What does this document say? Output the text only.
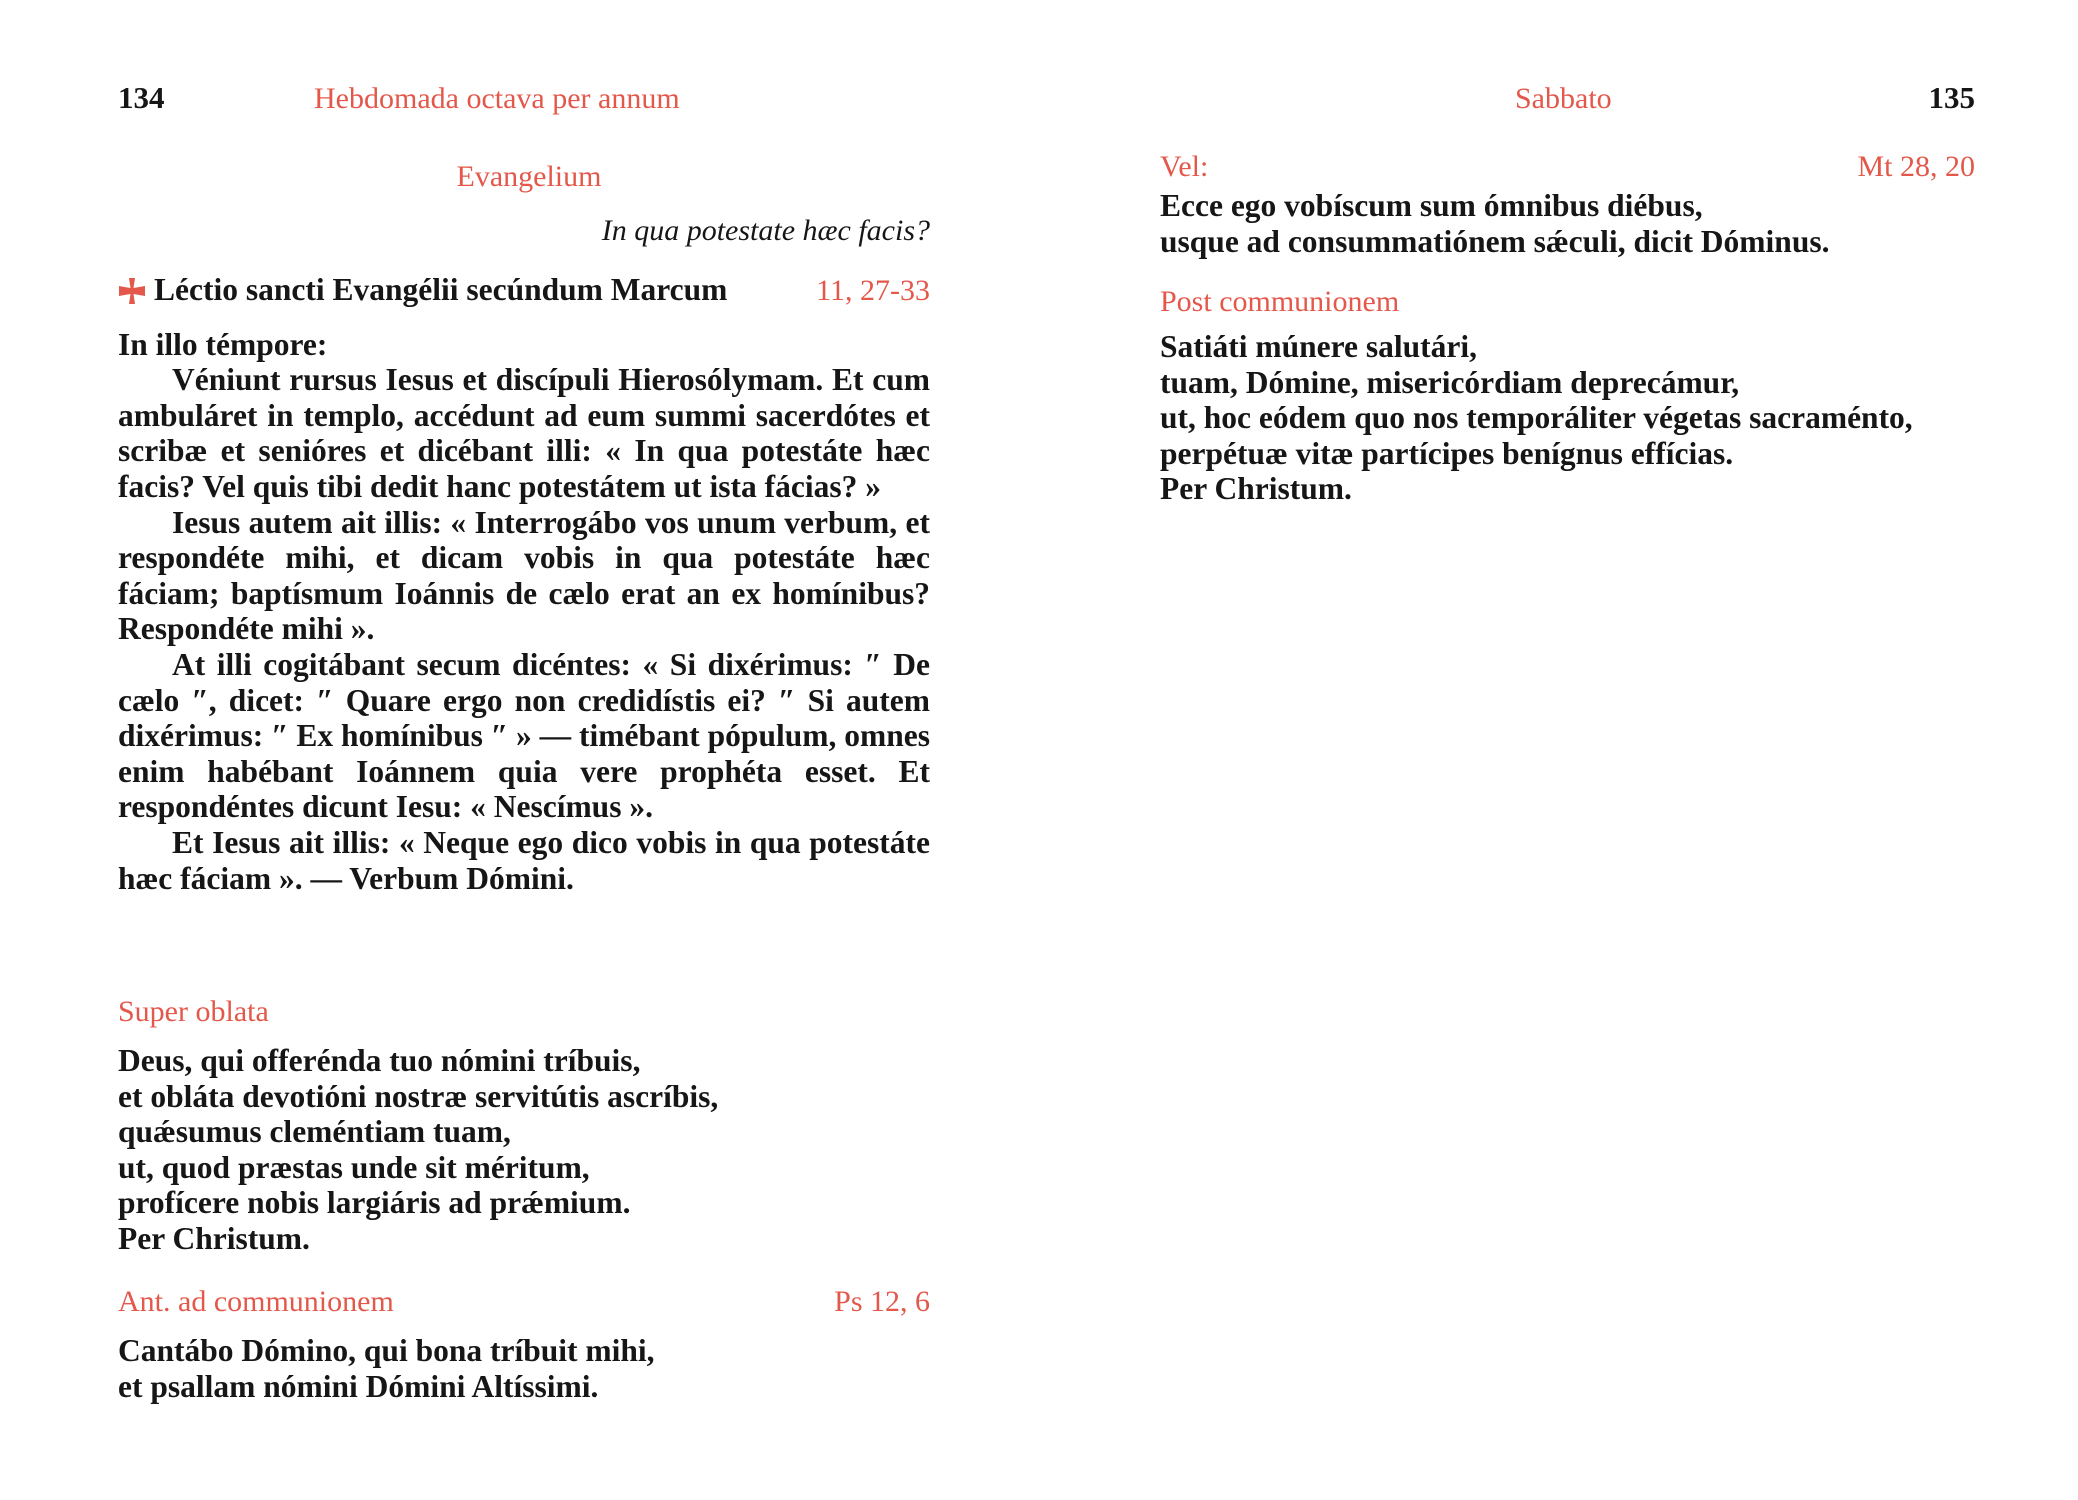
134	Hebdomada octava per annum
Evangelium
In qua potestate hæc facis?
Léctio sancti Evangélii secúndum Marcum	11, 27-33

In illo témpore:

Véniunt rursus Iesus et discípuli Hierosólymam. Et cum ambuláret in templo, accédunt ad eum summi sacerdótes et scribæ et senióres et dicébant illi: « In qua potestáte hæc facis? Vel quis tibi dedit hanc potestátem ut ista fácias? »

Iesus autem ait illis: « Interrogábo vos unum verbum, et respondéte mihi, et dicam vobis in qua potestáte hæc fáciam; baptísmum Ioánnis de cælo erat an ex homínibus? Respondéte mihi ».

At illi cogitábant secum dicéntes: « Si dixérimus: ″ De cælo ″, dicet: ″ Quare ergo non credidístis ei? ″ Si autem dixérimus: ″ Ex homínibus ″ » — timébant pópulum, omnes enim habébant Ioánnem quia vere prophéta esset. Et respondéntes dicunt Iesu: « Nescímus ».

Et Iesus ait illis: « Neque ego dico vobis in qua potestáte hæc fáciam ». — Verbum Dómini.

Super oblata
Deus, qui offerénda tuo nómini tríbuis,
et obláta devotióni nostræ servitútis ascríbis,
quǽsumus cleméntiam tuam,
ut, quod præstas unde sit méritum,
profícere nobis largiáris ad prǽmium.
Per Christum.
Ant. ad communionem	Ps 12, 6
Cantábo Dómino, qui bona tríbuit mihi,
et psallam nómini Dómini Altíssimi.
Sabbato	135
Vel:	Mt 28, 20
Ecce ego vobíscum sum ómnibus diébus,
usque ad consummatiónem sǽculi, dicit Dóminus.
Post communionem
Satiáti múnere salutári,
tuam, Dómine, misericórdiam deprecámur,
ut, hoc eódem quo nos temporáliter végetas sacraménto,
perpétuæ vitæ partícipes benígnus effícias.
Per Christum.
